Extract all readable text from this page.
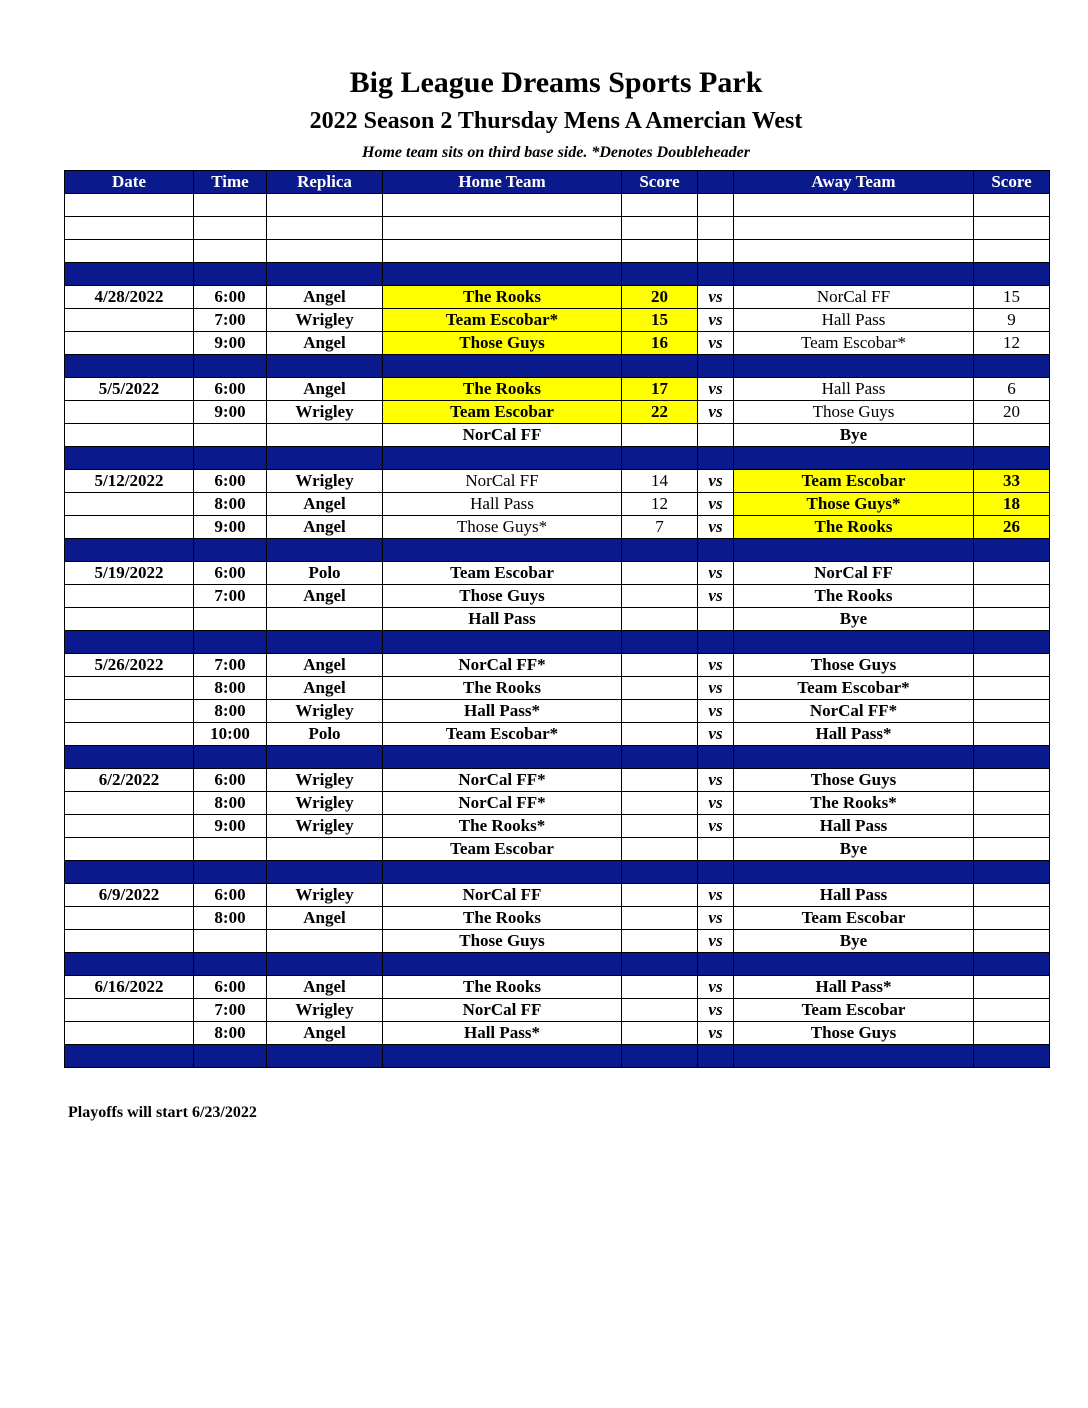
Big League Dreams Sports Park
2022 Season 2 Thursday Mens A Amercian West
Home team sits on third base side. *Denotes Doubleheader
Date	Time	Replica	Home Team	Score		Away Team	Score

4/28/2022	6:00	Angel	The Rooks	20	vs	NorCal FF	15
	7:00	Wrigley	Team Escobar*	15	vs	Hall Pass	9
	9:00	Angel	Those Guys	16	vs	Team Escobar*	12

5/5/2022	6:00	Angel	The Rooks	17	vs	Hall Pass	6
	9:00	Wrigley	Team Escobar	22	vs	Those Guys	20
			NorCal FF			Bye	

5/12/2022	6:00	Wrigley	NorCal FF	14	vs	Team Escobar	33
	8:00	Angel	Hall Pass	12	vs	Those Guys*	18
	9:00	Angel	Those Guys*	7	vs	The Rooks	26

5/19/2022	6:00	Polo	Team Escobar		vs	NorCal FF	
	7:00	Angel	Those Guys		vs	The Rooks	
			Hall Pass			Bye	

5/26/2022	7:00	Angel	NorCal FF*		vs	Those Guys	
	8:00	Angel	The Rooks		vs	Team Escobar*	
	8:00	Wrigley	Hall Pass*		vs	NorCal FF*	
	10:00	Polo	Team Escobar*		vs	Hall Pass*	

6/2/2022	6:00	Wrigley	NorCal FF*		vs	Those Guys	
	8:00	Wrigley	NorCal FF*		vs	The Rooks*	
	9:00	Wrigley	The Rooks*		vs	Hall Pass	
			Team Escobar			Bye	

6/9/2022	6:00	Wrigley	NorCal FF		vs	Hall Pass	
	8:00	Angel	The Rooks		vs	Team Escobar	
			Those Guys		vs	Bye	

6/16/2022	6:00	Angel	The Rooks		vs	Hall Pass*	
	7:00	Wrigley	NorCal FF		vs	Team Escobar	
	8:00	Angel	Hall Pass*		vs	Those Guys	

Playoffs will start 6/23/2022
